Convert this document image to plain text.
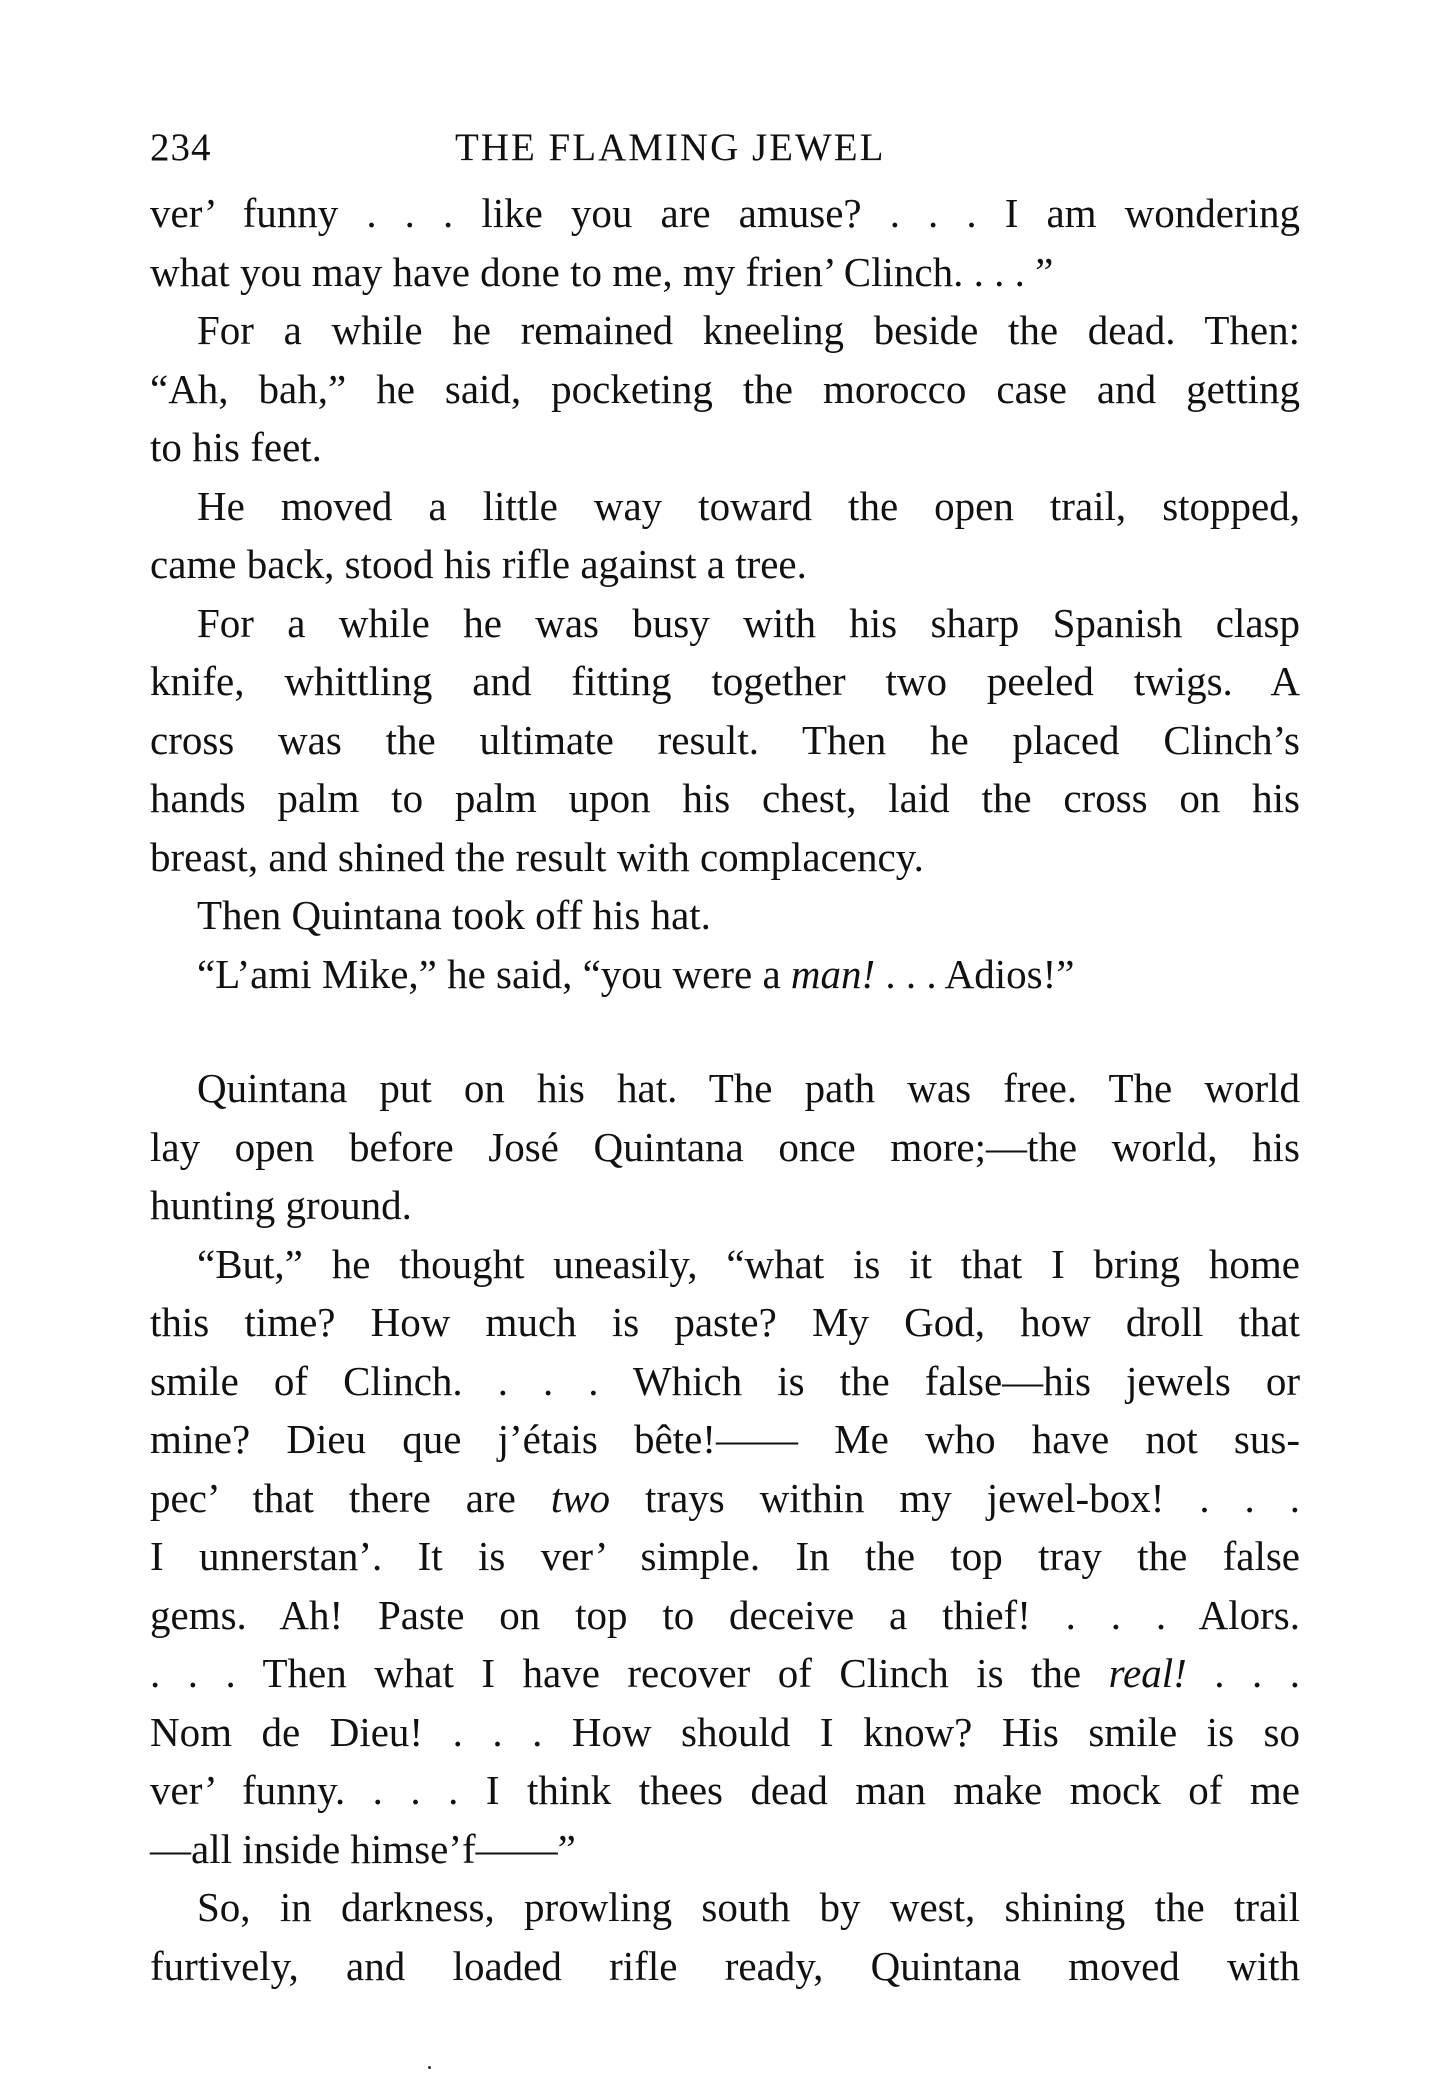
234	THE FLAMING JEWEL
ver’ funny . . . like you are amuse? . . . I am wondering
what you may have done to me, my frien’ Clinch. . . . ”
For a while he remained kneeling beside the dead. Then:
“Ah, bah,” he said, pocketing the morocco case and getting
to his feet.
He moved a little way toward the open trail, stopped,
came back, stood his rifle against a tree.
For a while he was busy with his sharp Spanish clasp
knife, whittling and fitting together two peeled twigs. A
cross was the ultimate result. Then he placed Clinch’s
hands palm to palm upon his chest, laid the cross on his
breast, and shined the result with complacency.
Then Quintana took off his hat.
“L’ami Mike,” he said, “you were a man! . . . Adios!”
Quintana put on his hat. The path was free. The world
lay open before José Quintana once more;—the world, his
hunting ground.
“But,” he thought uneasily, “what is it that I bring home
this time? How much is paste? My God, how droll that
smile of Clinch. . . . Which is the false—his jewels or
mine? Dieu que j’étais bête!—— Me who have not sus-
pec’ that there are two trays within my jewel-box! . . .
I unnerstan’. It is ver’ simple. In the top tray the false
gems. Ah! Paste on top to deceive a thief! . . . Alors.
. . . Then what I have recover of Clinch is the real! . . .
Nom de Dieu! . . . How should I know? His smile is so
ver’ funny. . . . I think thees dead man make mock of me
—all inside himse’f——”
So, in darkness, prowling south by west, shining the trail
furtively, and loaded rifle ready, Quintana moved with
